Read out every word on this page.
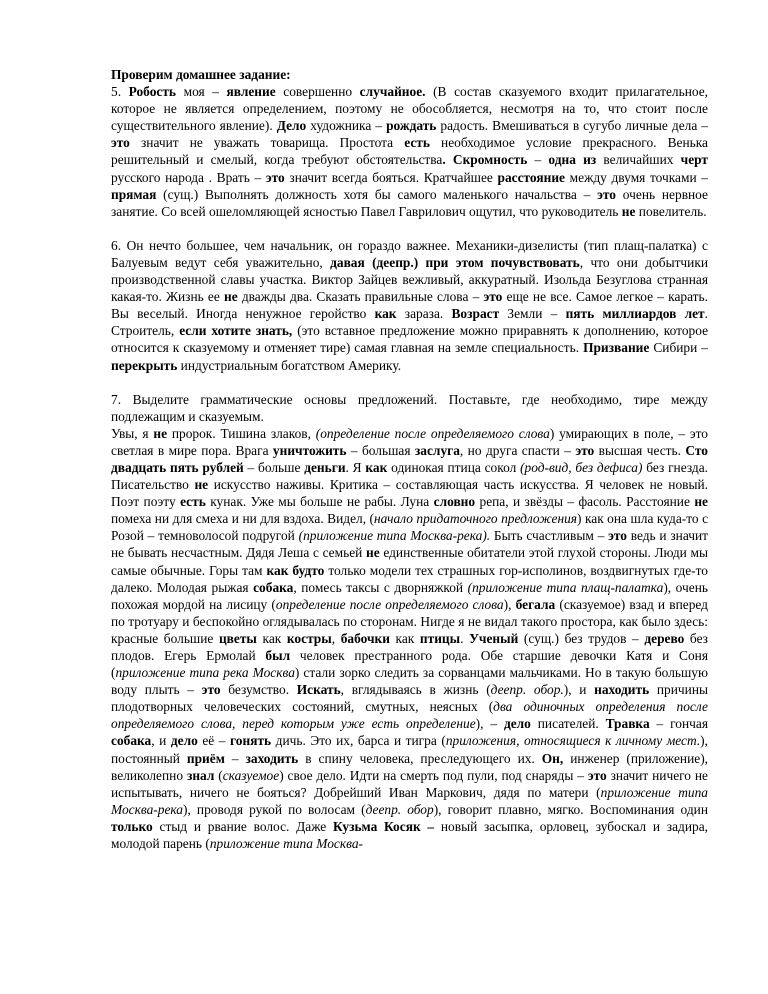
Проверим домашнее задание:

5. Робость моя – явление совершенно случайное. (В состав сказуемого входит прилагательное, которое не является определением, поэтому не обособляется, несмотря на то, что стоит после существительного явление). Дело художника – рождать радость. Вмешиваться в сугубо личные дела – это значит не уважать товарища. Простота есть необходимое условие прекрасного. Венька решительный и смелый, когда требуют обстоятельства. Скромность – одна из величайших черт русского народа . Врать – это значит всегда бояться. Кратчайшее расстояние между двумя точками – прямая (сущ.) Выполнять должность хотя бы самого маленького начальства – это очень нервное занятие. Со всей ошеломляющей ясностью Павел Гаврилович ощутил, что руководитель не повелитель.

6. Он нечто большее, чем начальник, он гораздо важнее. Механики-дизелисты (тип плащ-палатка) с Балуевым ведут себя уважительно, давая (деепр.) при этом почувствовать, что они добытчики производственной славы участка. Виктор Зайцев вежливый, аккуратный. Изольда Безуглова странная какая-то. Жизнь ее не дважды два. Сказать правильные слова – это еще не все. Самое легкое – карать. Вы веселый. Иногда ненужное геройство как зараза. Возраст Земли – пять миллиардов лет. Строитель, если хотите знать, (это вставное предложение можно приравнять к дополнению, которое относится к сказуемому и отменяет тире) самая главная на земле специальность. Призвание Сибири – перекрыть индустриальным богатством Америку.

7. Выделите грамматические основы предложений. Поставьте, где необходимо, тире между подлежащим и сказуемым.

Увы, я не пророк. Тишина злаков, (определение после определяемого слова) умирающих в поле, – это светлая в мире пора. Врага уничтожить – большая заслуга, но друга спасти – это высшая честь. Сто двадцать пять рублей – больше деньги. Я как одинокая птица сокол (род-вид, без дефиса) без гнезда. Писательство не искусство наживы. Критика – составляющая часть искусства. Я человек не новый. Поэт поэту есть кунак. Уже мы больше не рабы. Луна словно репа, и звёзды – фасоль. Расстояние не помеха ни для смеха и ни для вздоха. Видел, (начало придаточного предложения) как она шла куда-то с Розой – темноволосой подругой (приложение типа Москва-река). Быть счастливым – это ведь и значит не бывать несчастным. Дядя Леша с семьей не единственные обитатели этой глухой стороны. Люди мы самые обычные. Горы там как будто только модели тех страшных гор-исполинов, воздвигнутых где-то далеко. Молодая рыжая собака, помесь таксы с дворняжкой (приложение типа плащ-палатка), очень похожая мордой на лисицу (определение после определяемого слова), бегала (сказуемое) взад и вперед по тротуару и беспокойно оглядывалась по сторонам. Нигде я не видал такого простора, как было здесь: красные большие цветы как костры, бабочки как птицы. Ученый (сущ.) без трудов – дерево без плодов. Егерь Ермолай был человек престранного рода. Обе старшие девочки Катя и Соня (приложение типа река Москва) стали зорко следить за сорванцами мальчиками. Но в такую большую воду плыть – это безумство. Искать, вглядываясь в жизнь (деепр. обор.), и находить причины плодотворных человеческих состояний, смутных, неясных (два одиночных определения после определяемого слова, перед которым уже есть определение), – дело писателей. Травка – гончая собака, и дело её – гонять дичь. Это их, барса и тигра (приложения, относящиеся к личному мест.), постоянный приём – заходить в спину человека, преследующего их. Он, инженер (приложение), великолепно знал (сказуемое) свое дело. Идти на смерть под пули, под снаряды – это значит ничего не испытывать, ничего не бояться? Добрейший Иван Маркович, дядя по матери (приложение типа Москва-река), проводя рукой по волосам (деепр. обор), говорит плавно, мягко. Воспоминания один только стыд и рвание волос. Даже Кузьма Косяк – новый засыпка, орловец, зубоскал и задира, молодой парень (приложение типа Москва-
